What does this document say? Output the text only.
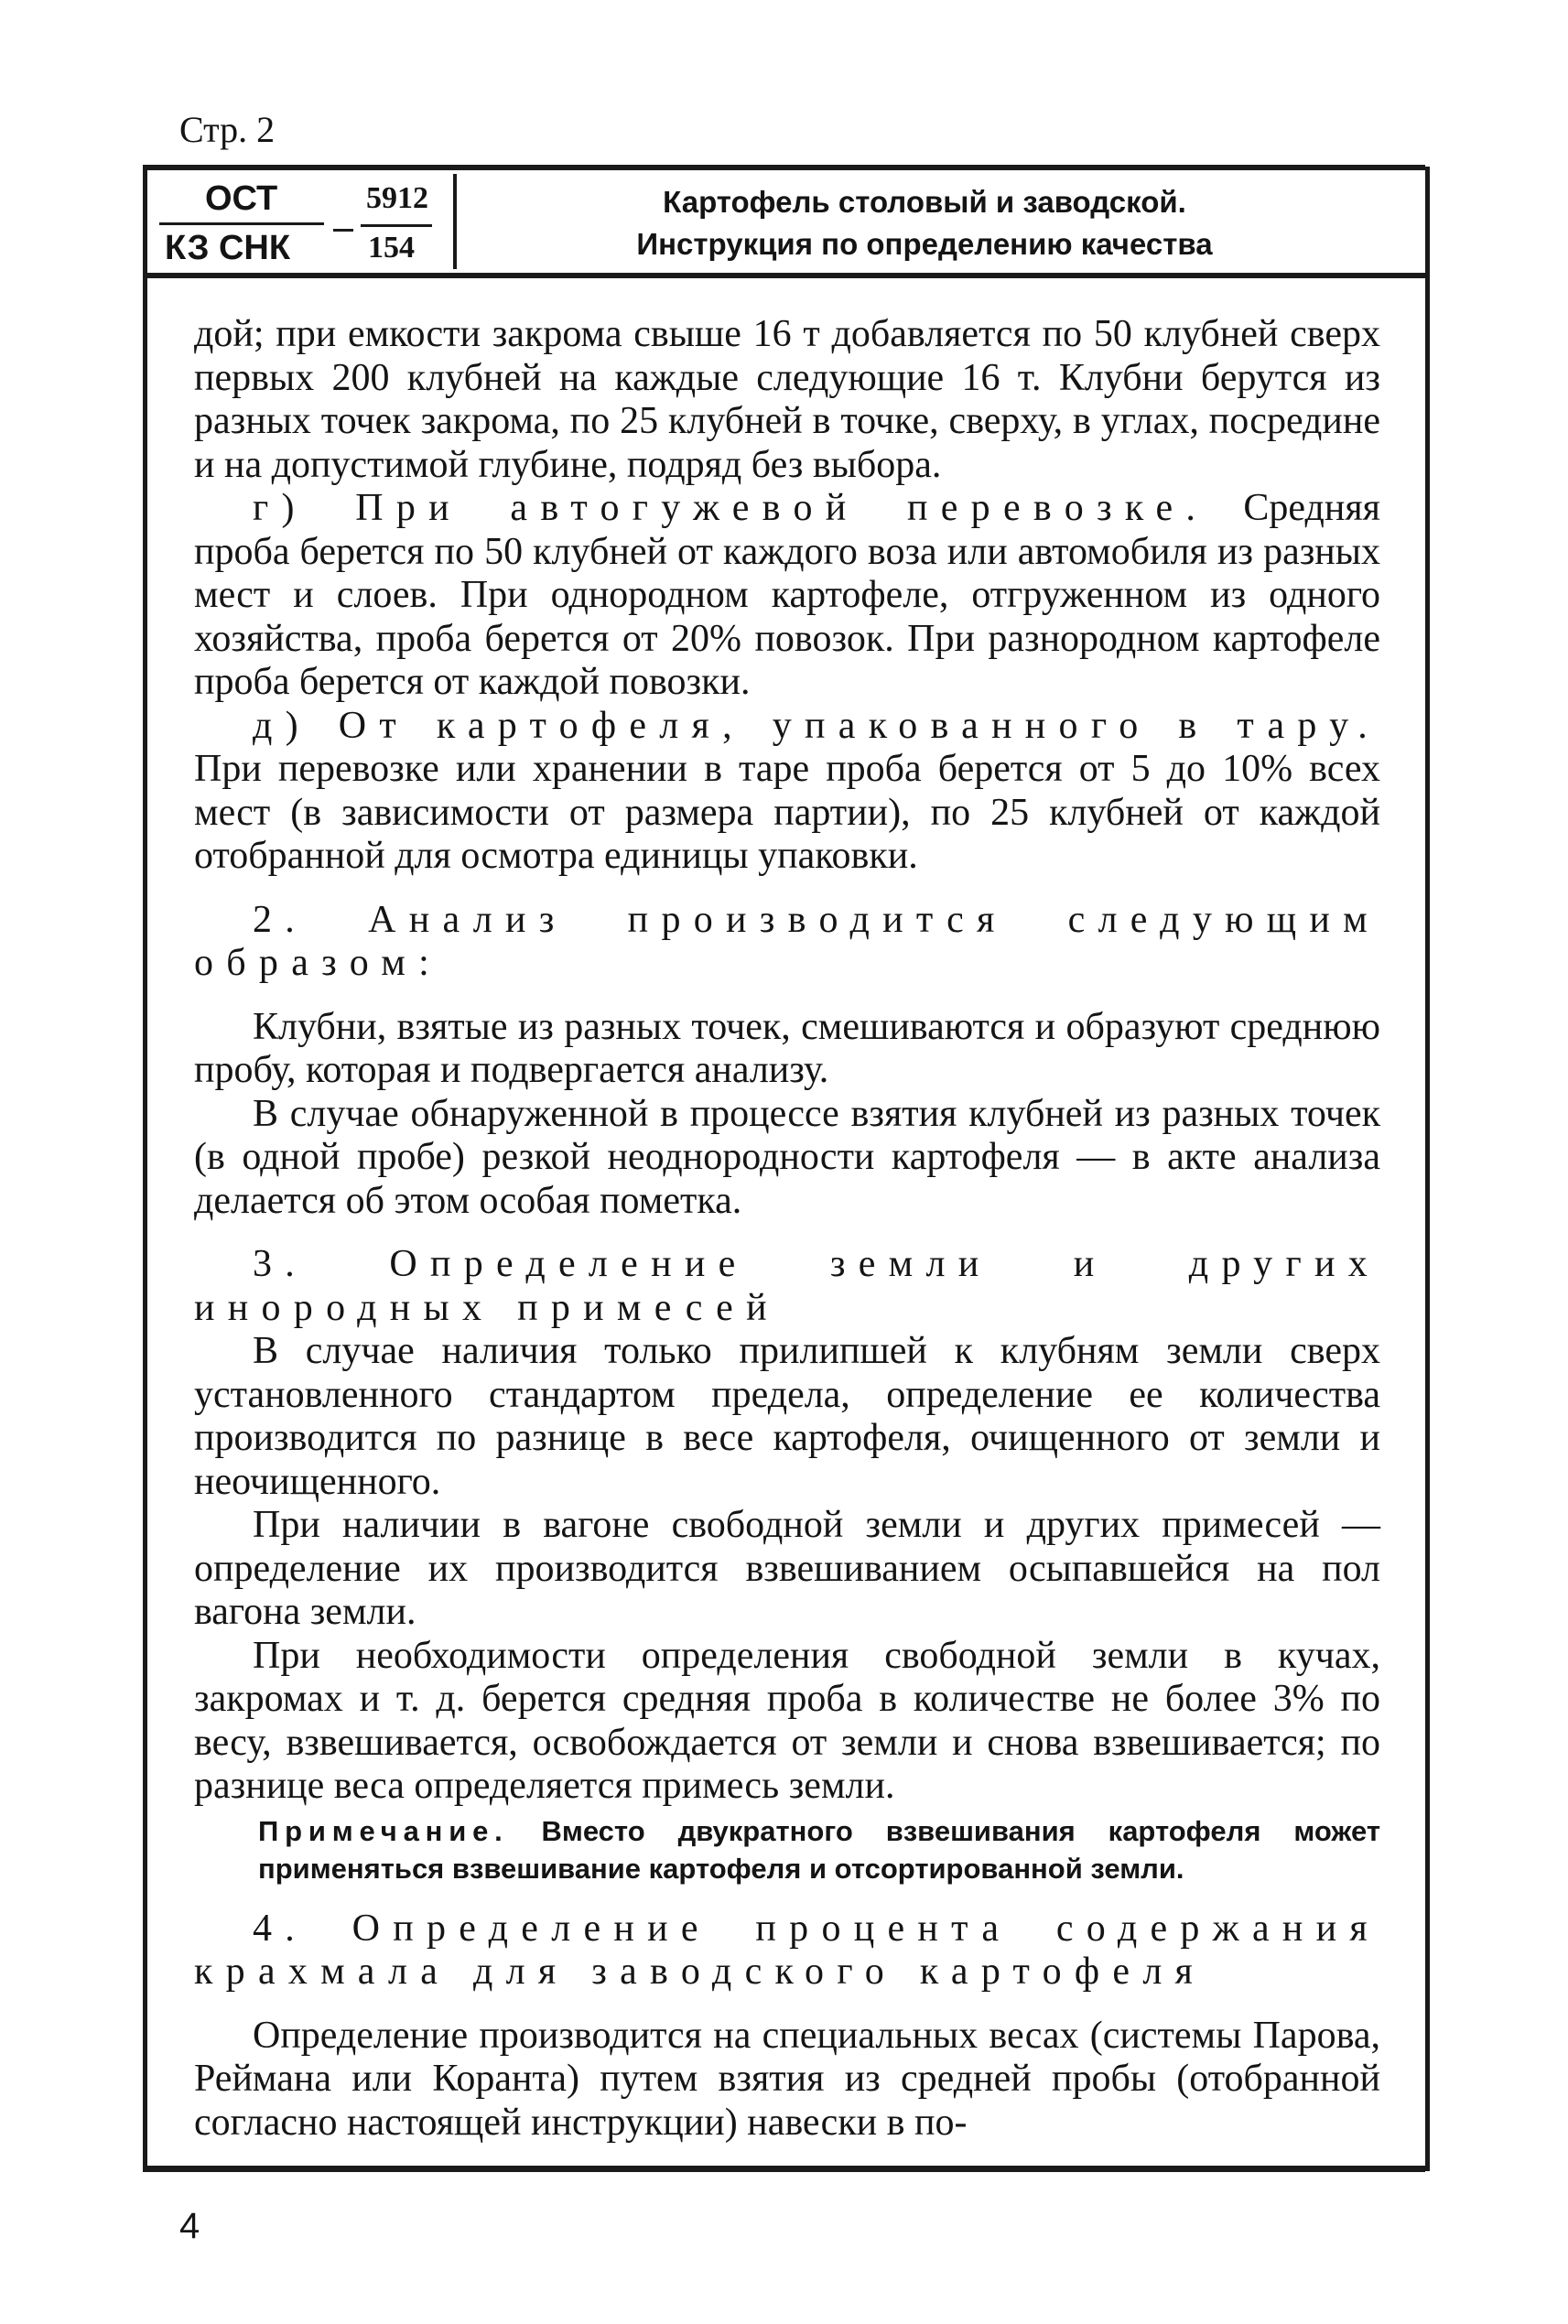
Стр. 2
ОСТ	5912
КЗ СНК 154
Картофель столовый и заводской.
Инструкция по определению качества

дой; при емкости закрома свыше 16 т добавляется по 50 клубней сверх первых 200 клубней на каждые следующие 16 т. Клубни берутся из разных точек закрома, по 25 клубней в точке, сверху, в углах, посредине и на допустимой глубине, подряд без выбора.

г) При автогужевой перевозке. Средняя проба берется по 50 клубней от каждого воза или автомобиля из разных мест и слоев. При однородном картофеле, отгруженном из одного хозяйства, проба берется от 20% повозок. При разнородном картофеле проба берется от каждой повозки.

д) От картофеля, упакованного в тару. При перевозке или хранении в таре проба берется от 5 до 10% всех мест (в зависимости от размера партии), по 25 клубней от каждой отобранной для осмотра единицы упаковки.

2. Анализ производится следующим образом:

Клубни, взятые из разных точек, смешиваются и образуют среднюю пробу, которая и подвергается анализу.

В случае обнаруженной в процессе взятия клубней из разных точек (в одной пробе) резкой неоднородности картофеля — в акте анализа делается об этом особая пометка.

3. Определение земли и других инородных примесей

В случае наличия только прилипшей к клубням земли сверх установленного стандартом предела, определение ее количества производится по разнице в весе картофеля, очищенного от земли и неочищенного.

При наличии в вагоне свободной земли и других примесей — определение их производится взвешиванием осыпавшейся на пол вагона земли.

При необходимости определения свободной земли в кучах, закромах и т. д. берется средняя проба в количестве не более 3% по весу, взвешивается, освобождается от земли и снова взвешивается; по разнице веса определяется примесь земли.

Примечание. Вместо двукратного взвешивания картофеля может применяться взвешивание картофеля и отсортированной земли.

4. Определение процента содержания крахмала для заводского картофеля

Определение производится на специальных весах (системы Парова, Реймана или Коранта) путем взятия из средней пробы (отобранной согласно настоящей инструкции) навески в по-

4
